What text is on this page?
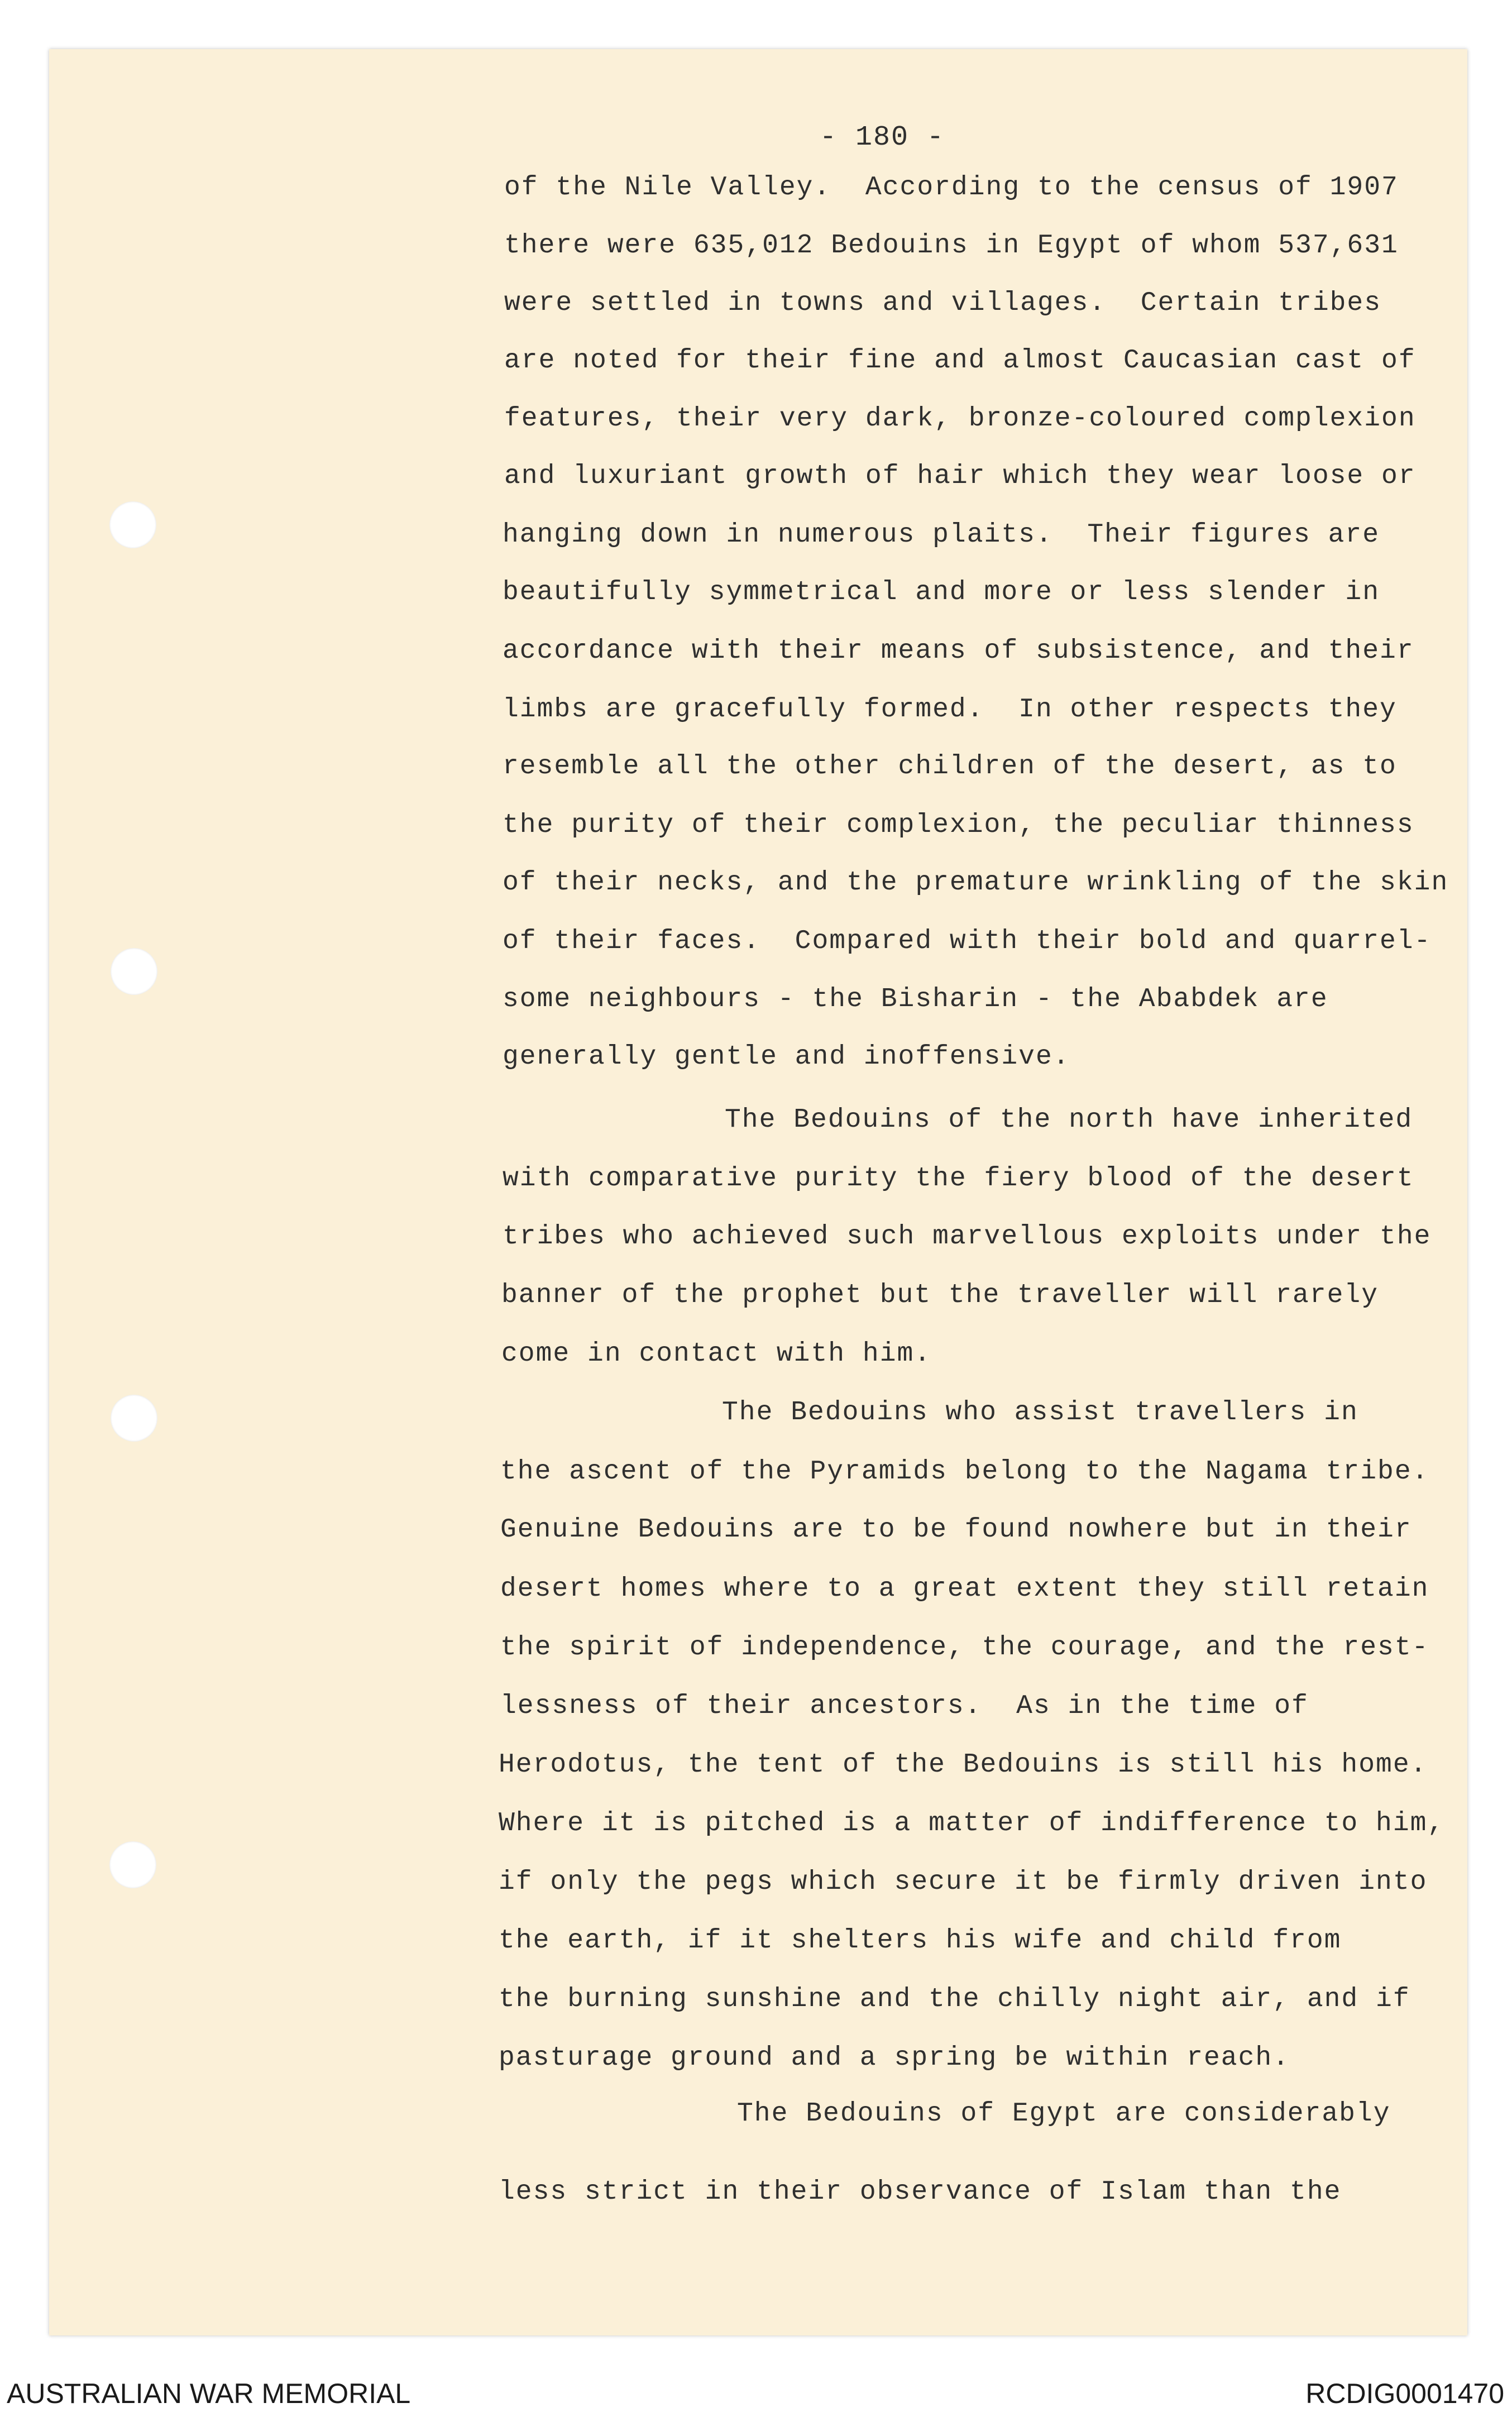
- 180 -
of the Nile Valley.  According to the census of 1907
there were 635,012 Bedouins in Egypt of whom 537,631
were settled in towns and villages.  Certain tribes
are noted for their fine and almost Caucasian cast of
features, their very dark, bronze-coloured complexion
and luxuriant growth of hair which they wear loose or
hanging down in numerous plaits.  Their figures are
beautifully symmetrical and more or less slender in
accordance with their means of subsistence, and their
limbs are gracefully formed.  In other respects they
resemble all the other children of the desert, as to
the purity of their complexion, the peculiar thinness
of their necks, and the premature wrinkling of the skin
of their faces.  Compared with their bold and quarrel-
some neighbours - the Bisharin - the Ababdek are
generally gentle and inoffensive.
The Bedouins of the north have inherited
with comparative purity the fiery blood of the desert
tribes who achieved such marvellous exploits under the
banner of the prophet but the traveller will rarely
come in contact with him.
The Bedouins who assist travellers in
the ascent of the Pyramids belong to the Nagama tribe.
Genuine Bedouins are to be found nowhere but in their
desert homes where to a great extent they still retain
the spirit of independence, the courage, and the rest-
lessness of their ancestors.  As in the time of
Herodotus, the tent of the Bedouins is still his home.
Where it is pitched is a matter of indifference to him,
if only the pegs which secure it be firmly driven into
the earth, if it shelters his wife and child from
the burning sunshine and the chilly night air, and if
pasturage ground and a spring be within reach.
The Bedouins of Egypt are considerably
less strict in their observance of Islam than the
AUSTRALIAN WAR MEMORIAL	RCDIG0001470
